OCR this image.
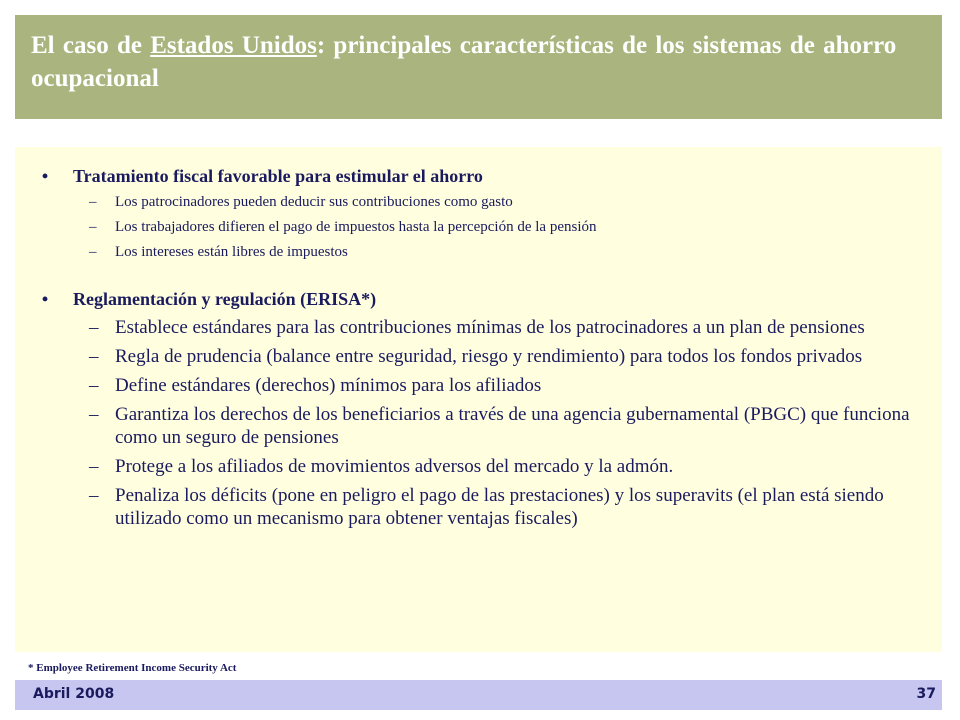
El caso de Estados Unidos: principales características de los sistemas de ahorro ocupacional
•	Tratamiento fiscal favorable para estimular el ahorro
– Los patrocinadores pueden deducir sus contribuciones como gasto
– Los trabajadores difieren el pago de impuestos hasta la percepción de la pensión
– Los intereses están libres de impuestos
•	Reglamentación y regulación (ERISA*)
– Establece estándares para las contribuciones mínimas de los patrocinadores a un plan de pensiones
– Regla de prudencia (balance entre seguridad, riesgo y rendimiento) para todos los fondos privados
– Define estándares (derechos) mínimos para los afiliados
– Garantiza los derechos de los beneficiarios a través de una agencia gubernamental (PBGC) que funciona como un seguro de pensiones
– Protege a los afiliados de movimientos adversos del mercado y la admón.
– Penaliza los déficits (pone en peligro el pago de las prestaciones) y los superavits (el plan está siendo utilizado como un mecanismo para obtener ventajas fiscales)
* Employee Retirement Income Security Act
Abril 2008	37
